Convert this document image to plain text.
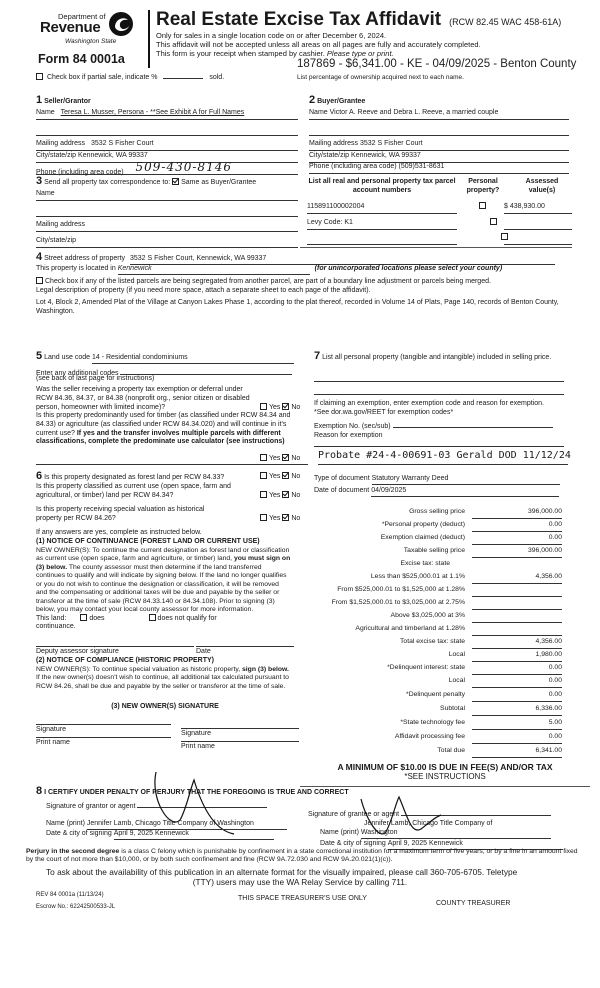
Department of
Revenue
Washington State
Form 84 0001a
Real Estate Excise Tax Affidavit (RCW 82.45 WAC 458-61A)
Only for sales in a single location code on or after December 6, 2024.
This affidavit will not be accepted unless all areas on all pages are fully and accurately completed.
This form is your receipt when stamped by cashier. Please type or print.
187869 - $6,341.00 - KE - 04/09/2025 - Benton County
Check box if partial sale, indicate %	sold.	List percentage of ownership acquired next to each name.
1 Seller/Grantor
Name Teresa L. Musser, Persona - **See Exhibit A for Full Names
Mailing address 3532 S Fisher Court
City/state/zip Kennewick, WA 99337
Phone (including area code) 509-430-8146
2 Buyer/Grantee
Name Victor A. Reeve and Debra L. Reeve, a married couple
Mailing address 3532 S Fisher Court
City/state/zip Kennewick, WA 99337
Phone (including area code) (509)531-8631
3 Send all property tax correspondence to: Same as Buyer/Grantee
Name
Mailing address
City/state/zip
List all real and personal property tax parcel account numbers
Personal property?
Assessed value(s)
115891100002004
	$ 438,930.00
Levy Code: K1

4 Street address of property 3532 S Fisher Court, Kennewick, WA 99337
This property is located in Kennewick	(for unincorporated locations please select your county)
Check box if any of the listed parcels are being segregated from another parcel, are part of a boundary line adjustment or parcels being merged.
Legal description of property (if you need more space, attach a separate sheet to each page of the affidavit).
Lot 4, Block 2, Amended Plat of the Village at Canyon Lakes Phase 1, according to the plat thereof, recorded in Volume 14 of Plats, Page 140, records of Benton County, Washington.
5 Land use code 14 - Residential condominiums
Enter any additional codes
(see back of last page for instructions)
Was the seller receiving a property tax exemption or deferral under RCW 84.36, 84.37, or 84.38 (nonprofit org., senior citizen or disabled person, homeowner with limited income)?	Yes No
Is this property predominantly used for timber (as classified under RCW 84.34 and 84.33) or agriculture (as classified under RCW 84.34.020) and will continue in it's current use? If yes and the transfer involves multiple parcels with different classifications, complete the predominate use calculator (see instructions)
Yes No
7 List all personal property (tangible and intangible) included in selling price.
If claiming an exemption, enter exemption code and reason for exemption. *See dor.wa.gov/REET for exemption codes*
Exemption No. (sec/sub)
Reason for exemption
Probate #24-4-00691-03 Gerald DOD 11/12/24
6 Is this property designated as forest land per RCW 84.33?	Yes No
Is this property classified as current use (open space, farm and agricultural, or timber) land per RCW 84.34?	Yes No
Is this property receiving special valuation as historical property per RCW 84.26?	Yes No
If any answers are yes, complete as instructed below.
(1) NOTICE OF CONTINUANCE (FOREST LAND OR CURRENT USE)
NEW OWNER(S): To continue the current designation as forest land or classification as current use (open space, farm and agriculture, or timber) land, you must sign on (3) below. The county assessor must then determine if the land transferred continues to qualify and will indicate by signing below. If the land no longer qualifies or you do not wish to continue the designation or classification, it will be removed and the compensating or additional taxes will be due and payable by the seller or transferor at the time of sale (RCW 84.33.140 or 84.34.108). Prior to signing (3) below, you may contact your local county assessor for more information.
This land:	does	does not qualify for
continuance.
Deputy assessor signature	Date
(2) NOTICE OF COMPLIANCE (HISTORIC PROPERTY)
NEW OWNER(S): To continue special valuation as historic property, sign (3) below. If the new owner(s) doesn't wish to continue, all additional tax calculated pursuant to RCW 84.26, shall be due and payable by the seller or transferor at the time of sale.
(3) NEW OWNER(S) SIGNATURE
Signature
Signature
Print name
Print name
Type of document Statutory Warranty Deed
Date of document 04/09/2025
Gross selling price	396,000.00
*Personal property (deduct)	0.00
Exemption claimed (deduct)	0.00
Taxable selling price	396,000.00
Excise tax: state
Less than $525,000.01 at 1.1%	4,356.00
From $525,000.01 to $1,525,000 at 1.28%
From $1,525,000.01 to $3,025,000 at 2.75%
Above $3,025,000 at 3%
Agricultural and timberland at 1.28%
Total excise tax: state	4,356.00
Local	1,980.00
*Delinquent interest: state	0.00
Local	0.00
*Delinquent penalty	0.00
Subtotal	6,336.00
*State technology fee	5.00
Affidavit processing fee	0.00
Total due	6,341.00
A MINIMUM OF $10.00 IS DUE IN FEE(S) AND/OR TAX
*SEE INSTRUCTIONS
8 I CERTIFY UNDER PENALTY OF PERJURY THAT THE FOREGOING IS TRUE AND CORRECT
Signature of grantor or agent
Signature of grantee or agent
Name (print) Jennifer Lamb, Chicago Title Company of Washington
Date & city of signing April 9, 2025 Kennewick
Jennifer Lamb, Chicago Title Company of
Name (print) Washington
Date & city of signing April 9, 2025 Kennewick
Perjury in the second degree is a class C felony which is punishable by confinement in a state correctional institution for a maximum term of five years, or by a fine in an amount fixed by the court of not more than $10,000, or by both such confinement and fine (RCW 9A.72.030 and RCW 9A.20.021(1)(c)).
To ask about the availability of this publication in an alternate format for the visually impaired, please call 360-705-6705. Teletype
(TTY) users may use the WA Relay Service by calling 711.
REV 84 0001a (11/13/24)	THIS SPACE TREASURER'S USE ONLY
COUNTY TREASURER
Escrow No.: 62242500533-JL
